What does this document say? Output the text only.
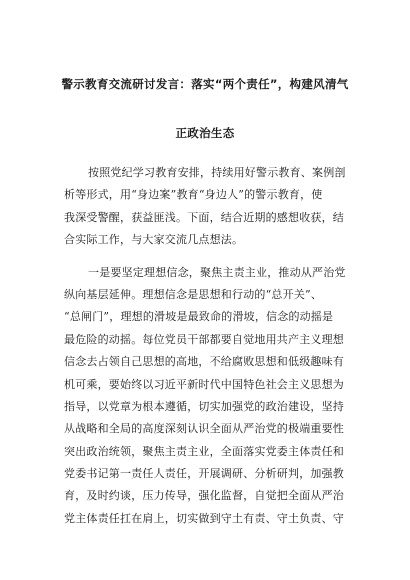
警示教育交流研讨发言：落实“两个责任”，构建风清气
正政治生态
按照党纪学习教育安排，持续用好警示教育、案例剖
析等形式，用“身边案”教育“身边人”的警示教育，使
我深受警醒，获益匪浅。下面，结合近期的感想收获，结
合实际工作，与大家交流几点想法。
一是要坚定理想信念，聚焦主责主业，推动从严治党
纵向基层延伸。理想信念是思想和行动的“总开关”、
“总闸门”，理想的滑坡是最致命的滑坡，信念的动摇是
最危险的动摇。每位党员干部都要自觉地用共产主义理想
信念去占领自己思想的高地，不给腐败思想和低级趣味有
机可乘，要始终以习近平新时代中国特色社会主义思想为
指导，以党章为根本遵循，切实加强党的政治建设，坚持
从战略和全局的高度深刻认识全面从严治党的极端重要性
突出政治统领，聚焦主责主业，全面落实党委主体责任和
党委书记第一责任人责任，开展调研、分析研判，加强教
育，及时约谈，压力传导，强化监督，自觉把全面从严治
党主体责任扛在肩上，切实做到守土有责、守土负责、守
